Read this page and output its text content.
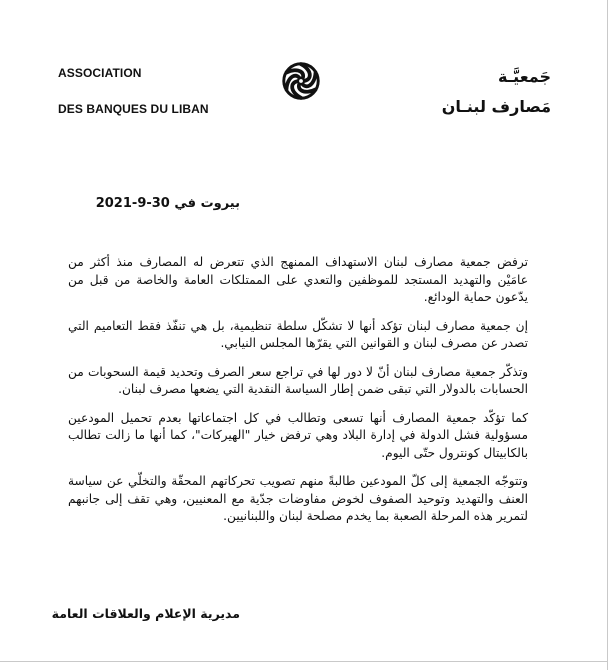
ASSOCIATION
DES BANQUES DU LIBAN
جَمعيَّـة
مَصارف لبنـان
بيروت في 30-9-2021

ترفض جمعية مصارف لبنان الاستهداف الممنهج الذي تتعرض له المصارف منذ أكثر من عامَيْن والتهديد المستجد للموظفين والتعدي على الممتلكات العامة والخاصة من قبل من يدّعون حماية الودائع.

إن جمعية مصارف لبنان تؤكد أنها لا تشكّل سلطة تنظيمية، بل هي تنفّذ فقط التعاميم التي تصدر عن مصرف لبنان و القوانين التي يقرّها المجلس النيابي.

وتذكّر جمعية مصارف لبنان أنّ لا دور لها في تراجع سعر الصرف وتحديد قيمة السحوبات من الحسابات بالدولار التي تبقى ضمن إطار السياسة النقدية التي يضعها مصرف لبنان.

كما تؤكّد جمعية المصارف أنها تسعى وتطالب في كل اجتماعاتها بعدم تحميل المودعين مسؤولية فشل الدولة في إدارة البلاد وهي ترفض خيار "الهيركات"، كما أنها ما زالت تطالب بالكابيتال كونترول حتّى اليوم.

وتتوجّه الجمعية إلى كلّ المودعين طالبةً منهم تصويب تحركاتهم المحقّة والتخلّي عن سياسة العنف والتهديد وتوحيد الصفوف لخوض مفاوضات جدّية مع المعنيين، وهي تقف إلى جانبهم لتمرير هذه المرحلة الصعبة بما يخدم مصلحة لبنان واللبنانيين.

مديرية الإعلام والعلاقات العامة
